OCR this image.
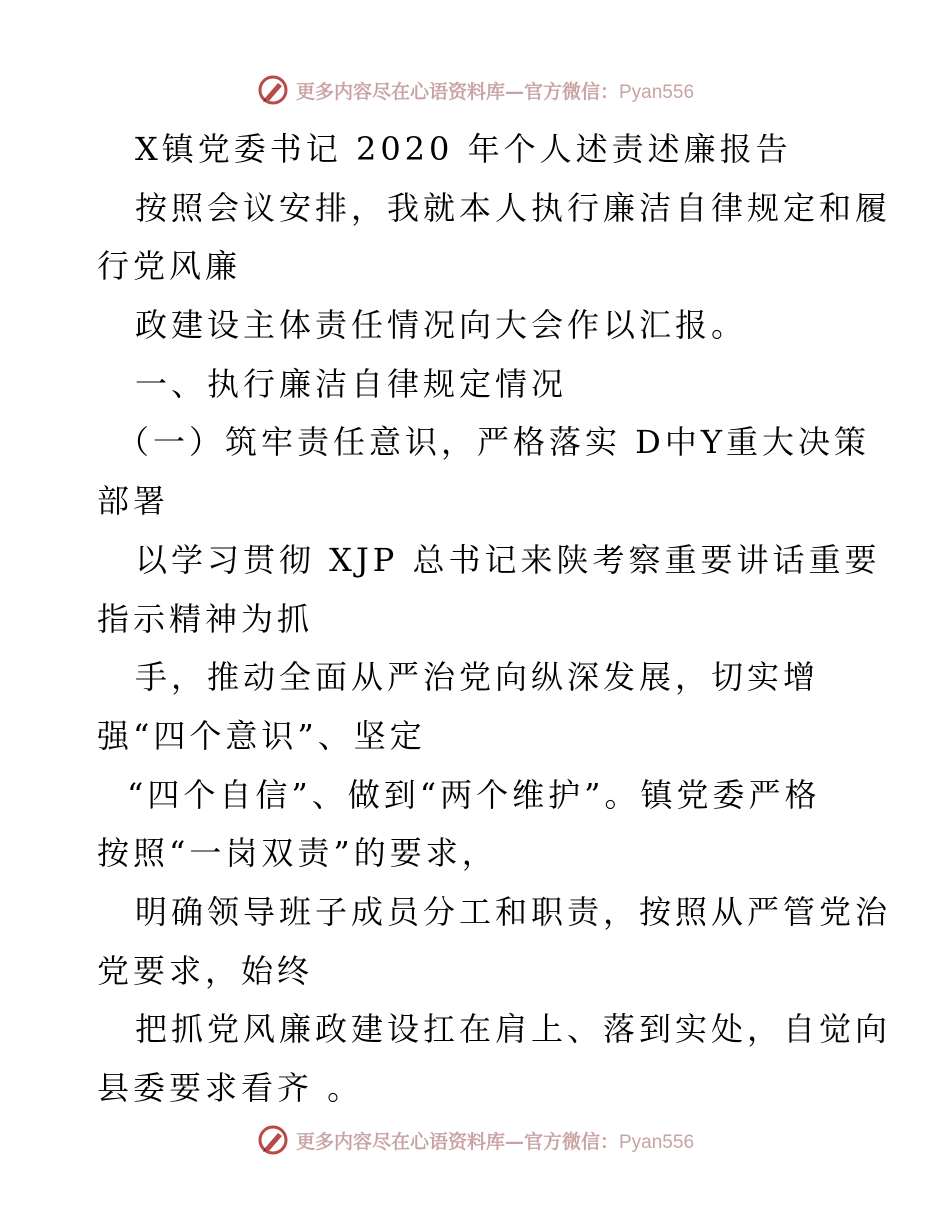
更多内容尽在心语资料库—官方微信：Pyan556
X镇党委书记 2020 年个人述责述廉报告
按照会议安排，我就本人执行廉洁自律规定和履
行党风廉
政建设主体责任情况向大会作以汇报。
一、执行廉洁自律规定情况
（一）筑牢责任意识，严格落实 D中Y重大决策
部署
以学习贯彻 XJP 总书记来陕考察重要讲话重要
指示精神为抓
手，推动全面从严治党向纵深发展，切实增
强“四个意识”、坚定
“四个自信”、做到“两个维护”。镇党委严格
按照“一岗双责”的要求，
明确领导班子成员分工和职责，按照从严管党治
党要求，始终
把抓党风廉政建设扛在肩上、落到实处，自觉向
县委要求看齐 。
更多内容尽在心语资料库—官方微信：Pyan556
